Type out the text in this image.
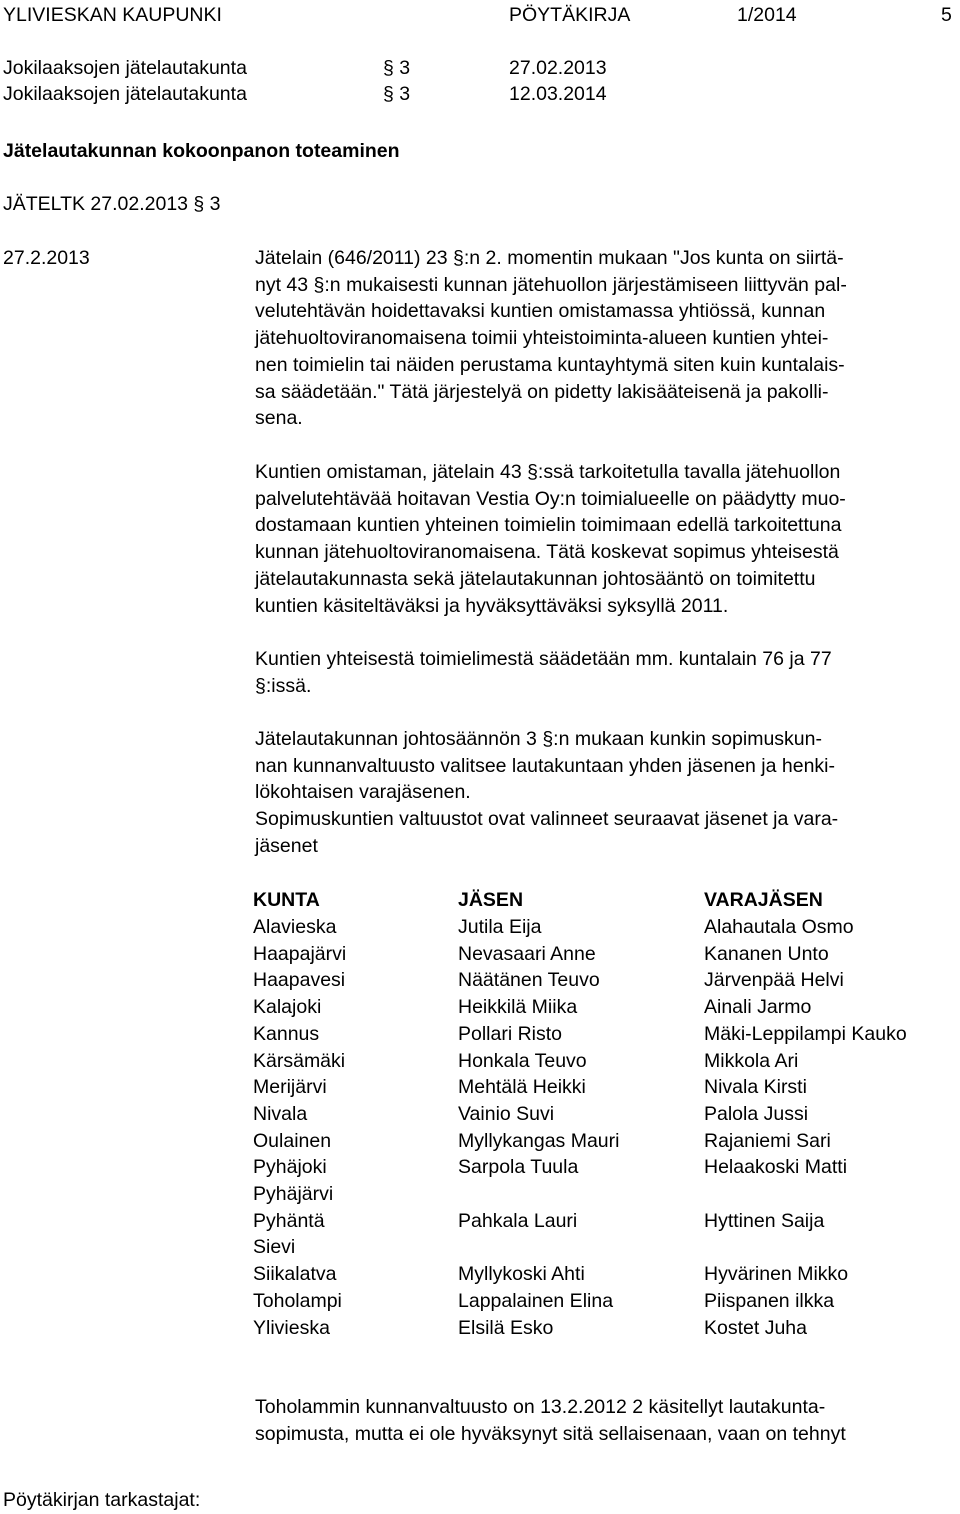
YLIVIESKAN KAUPUNKI	PÖYTÄKIRJA	1/2014	5
Jokilaaksojen jätelautakunta	§ 3	27.02.2013
Jokilaaksojen jätelautakunta	§ 3	12.03.2014
Jätelautakunnan kokoonpanon toteaminen
JÄTELTK 27.02.2013 § 3
27.2.2013	Jätelain (646/2011) 23 §:n 2. momentin mukaan "Jos kunta on siirtä-
nyt 43 §:n mukaisesti kunnan jätehuollon järjestämiseen liittyvän pal-
velutehtävän hoidettavaksi kuntien omistamassa yhtiössä, kunnan
jätehuoltoviranomaisena toimii yhteistoiminta-alueen kuntien yhtei-
nen toimielin tai näiden perustama kuntayhtymä siten kuin kuntalais-
sa säädetään." Tätä järjestelyä on pidetty lakisääteisenä ja pakolli-
sena.
Kuntien omistaman, jätelain 43 §:ssä tarkoitetulla tavalla jätehuollon
palvelutehtävää hoitavan Vestia Oy:n toimialueelle on päädytty muo-
dostamaan kuntien yhteinen toimielin toimimaan edellä tarkoitettuna
kunnan jätehuoltoviranomaisena. Tätä koskevat sopimus yhteisestä
jätelautakunnasta sekä jätelautakunnan johtosääntö on toimitettu
kuntien käsiteltäväksi ja hyväksyttäväksi syksyllä 2011.
Kuntien yhteisestä toimielimestä säädetään mm. kuntalain 76 ja 77
§:issä.
Jätelautakunnan johtosäännön 3 §:n mukaan kunkin sopimuskun-
nan kunnanvaltuusto valitsee lautakuntaan yhden jäsenen ja henki-
lökohtaisen varajäsenen.
Sopimuskuntien valtuustot ovat valinneet seuraavat jäsenet ja vara-
jäsenet
KUNTA	JÄSEN	VARAJÄSEN
Alavieska	Jutila Eija	Alahautala Osmo
Haapajärvi	Nevasaari Anne	Kananen Unto
Haapavesi	Näätänen Teuvo	Järvenpää Helvi
Kalajoki	Heikkilä Miika	Ainali Jarmo
Kannus	Pollari Risto	Mäki-Leppilampi Kauko
Kärsämäki	Honkala Teuvo	Mikkola Ari
Merijärvi	Mehtälä Heikki	Nivala Kirsti
Nivala	Vainio Suvi	Palola Jussi
Oulainen	Myllykangas Mauri	Rajaniemi Sari
Pyhäjoki	Sarpola Tuula	Helaakoski Matti
Pyhäjärvi
Pyhäntä	Pahkala Lauri	Hyttinen Saija
Sievi
Siikalatva	Myllykoski Ahti	Hyvärinen Mikko
Toholampi	Lappalainen Elina	Piispanen ilkka
Ylivieska	Elsilä Esko	Kostet Juha
Toholammin kunnanvaltuusto on 13.2.2012 2 käsitellyt lautakunta-
sopimusta, mutta ei ole hyväksynyt sitä sellaisenaan, vaan on tehnyt
Pöytäkirjan tarkastajat:
